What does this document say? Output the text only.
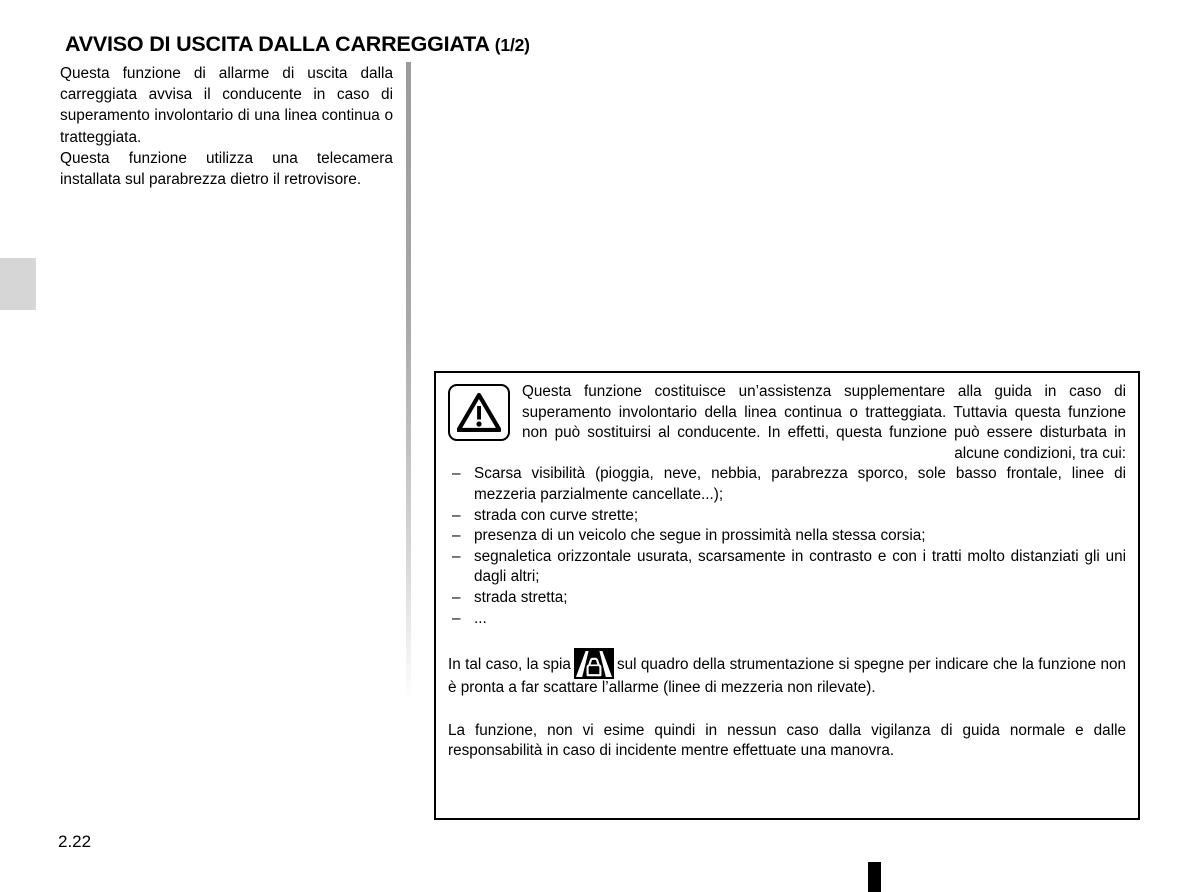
AVVISO DI USCITA DALLA CARREGGIATA (1/2)

Questa funzione di allarme di uscita dalla carreggiata avvisa il conducente in caso di superamento involontario di una linea continua o tratteggiata.

Questa funzione utilizza una telecamera installata sul parabrezza dietro il retrovisore.

Questa funzione costituisce un’assistenza supplementare alla guida in caso di superamento involontario della linea continua o tratteggiata. Tuttavia questa funzione non può sostituirsi al conducente. In effetti, questa funzione può essere disturbata in alcune condizioni, tra cui:
– Scarsa visibilità (pioggia, neve, nebbia, parabrezza sporco, sole basso frontale, linee di mezzeria parzialmente cancellate...);
– strada con curve strette;
– presenza di un veicolo che segue in prossimità nella stessa corsia;
– segnaletica orizzontale usurata, scarsamente in contrasto e con i tratti molto distanziati gli uni dagli altri;
– strada stretta;
– ...

In tal caso, la spia	sul quadro della strumentazione si spegne per indicare che la funzione non è pronta a far scattare l’allarme (linee di mezzeria non rilevate).

La funzione, non vi esime quindi in nessun caso dalla vigilanza di guida normale e dalle responsabilità in caso di incidente mentre effettuate una manovra.

2.22
